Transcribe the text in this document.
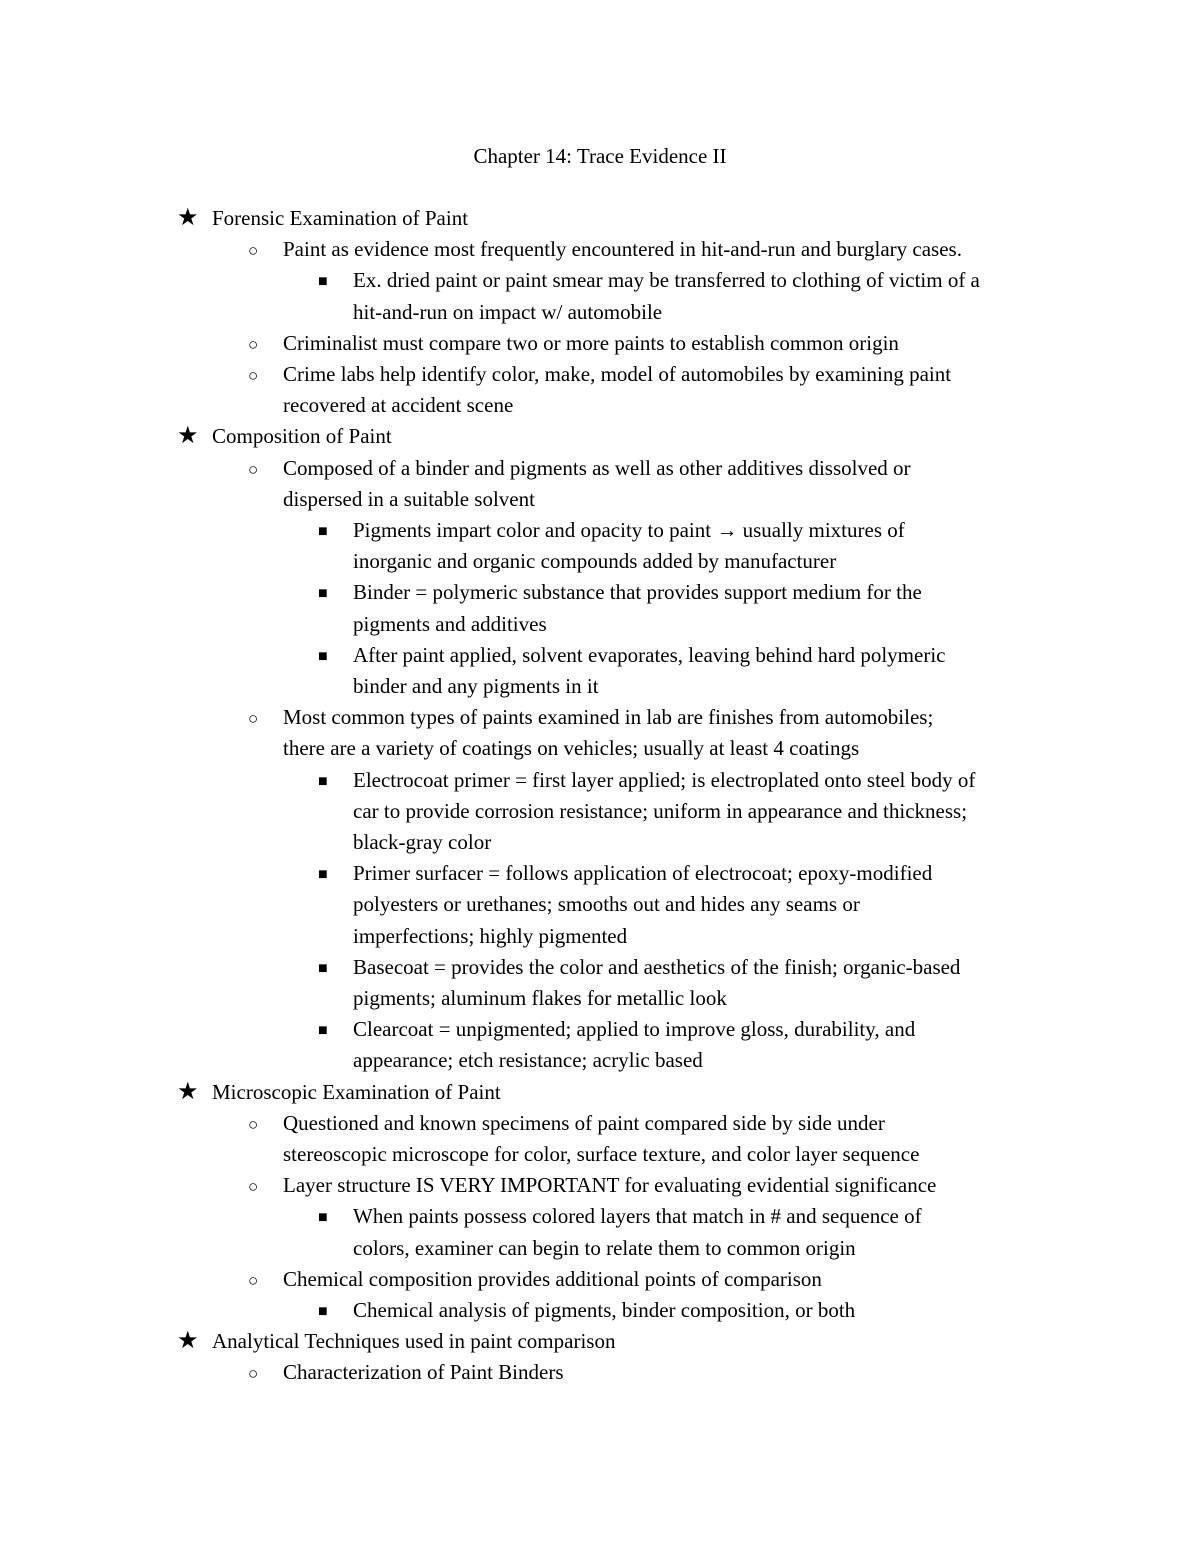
Chapter 14: Trace Evidence II
★ Forensic Examination of Paint
○ Paint as evidence most frequently encountered in hit-and-run and burglary cases.
■ Ex. dried paint or paint smear may be transferred to clothing of victim of a
hit-and-run on impact w/ automobile
○ Criminalist must compare two or more paints to establish common origin
○ Crime labs help identify color, make, model of automobiles by examining paint
recovered at accident scene
★ Composition of Paint
○ Composed of a binder and pigments as well as other additives dissolved or
dispersed in a suitable solvent
■ Pigments impart color and opacity to paint → usually mixtures of
inorganic and organic compounds added by manufacturer
■ Binder = polymeric substance that provides support medium for the
pigments and additives
■ After paint applied, solvent evaporates, leaving behind hard polymeric
binder and any pigments in it
○ Most common types of paints examined in lab are finishes from automobiles;
there are a variety of coatings on vehicles; usually at least 4 coatings
■ Electrocoat primer = first layer applied; is electroplated onto steel body of
car to provide corrosion resistance; uniform in appearance and thickness;
black-gray color
■ Primer surfacer = follows application of electrocoat; epoxy-modified
polyesters or urethanes; smooths out and hides any seams or
imperfections; highly pigmented
■ Basecoat = provides the color and aesthetics of the finish; organic-based
pigments; aluminum flakes for metallic look
■ Clearcoat = unpigmented; applied to improve gloss, durability, and
appearance; etch resistance; acrylic based
★ Microscopic Examination of Paint
○ Questioned and known specimens of paint compared side by side under
stereoscopic microscope for color, surface texture, and color layer sequence
○ Layer structure IS VERY IMPORTANT for evaluating evidential significance
■ When paints possess colored layers that match in # and sequence of
colors, examiner can begin to relate them to common origin
○ Chemical composition provides additional points of comparison
■ Chemical analysis of pigments, binder composition, or both
★ Analytical Techniques used in paint comparison
○ Characterization of Paint Binders
